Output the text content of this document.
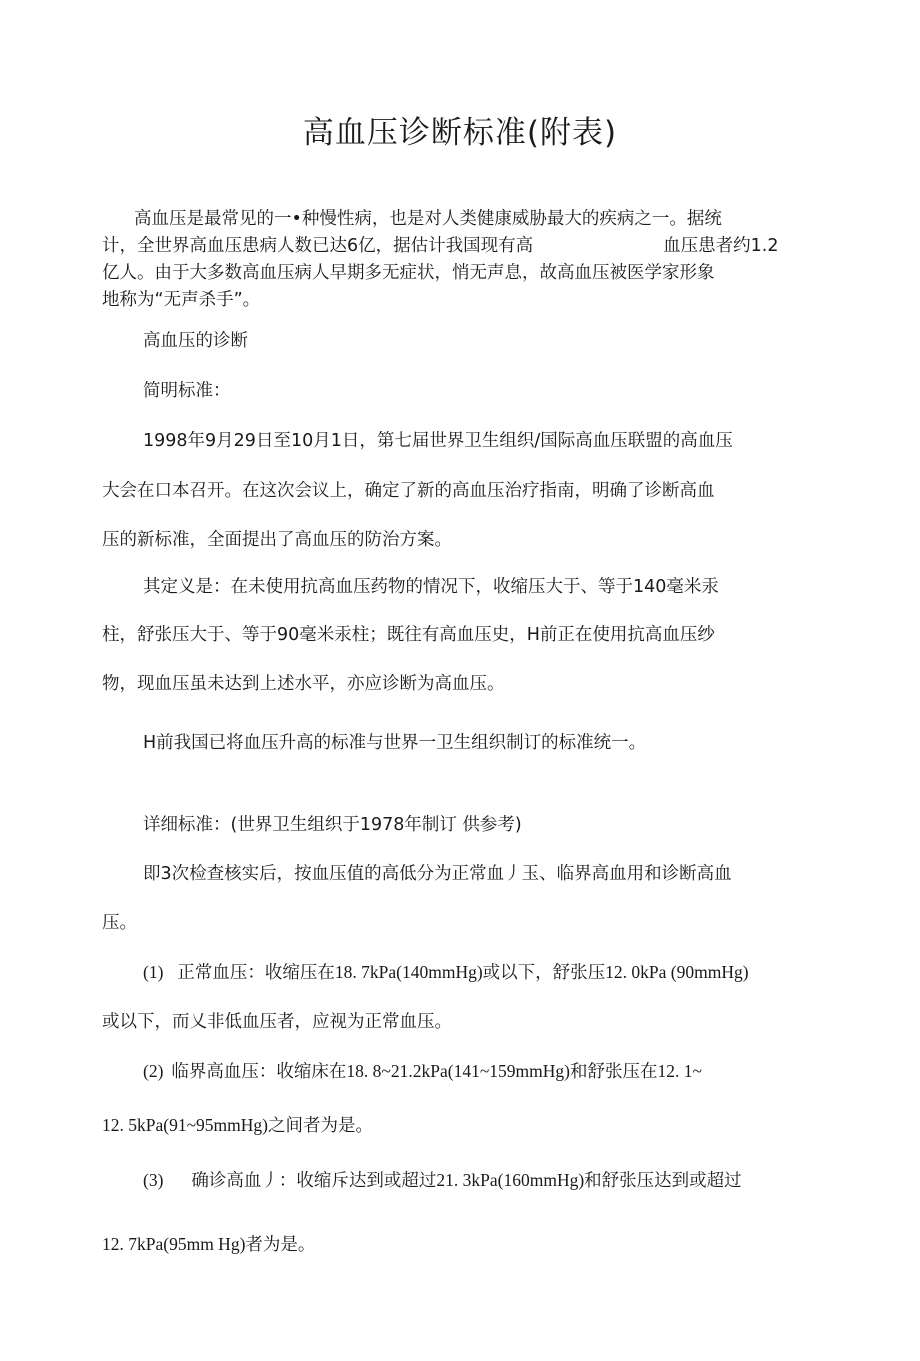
高血压诊断标准(附表)
高血压是最常见的一•种慢性病，也是对人类健康威胁最大的疾病之一。据统
计，全世界高血压患病人数已达6亿，据估计我国现有高	血压患者约1.2
亿人。由于大多数高血压病人早期多无症状，悄无声息，故高血压被医学家形象
地称为“无声杀手”。
高血压的诊断
简明标准：
1998年9月29日至10月1日，第七届世界卫生组织/国际高血压联盟的高血压
大会在口本召开。在这次会议上，确定了新的高血压治疗指南，明确了诊断高血
压的新标准，全面提出了高血压的防治方案。
其定义是：在未使用抗高血压药物的情况下，收缩压大于、等于140毫米汞
柱，舒张压大于、等于90毫米汞柱；既往有高血压史，H前正在使用抗高血压纱
物，现血压虽未达到上述水平，亦应诊断为高血压。
H前我国已将血压升高的标准与世界一卫生组织制订的标准统一。
详细标准：(世界卫生组织于1978年制订 供参考)
即3次检查核实后，按血压值的高低分为正常血丿玉、临界高血用和诊断高血
压。
(1) 正常血压：收缩压在18. 7kPa(140mmHg)或以下，舒张压12. 0kPa (90mmHg)
或以下，而乂非低血压者，应视为正常血压。
(2) 临界高血压：收缩床在18. 8~21.2kPa(141~159mmHg)和舒张压在12. 1~
12. 5kPa(91~95mmHg)之间者为是。
(3) 确诊高血丿：收缩斥达到或超过21. 3kPa(160mmHg)和舒张压达到或超过
12. 7kPa(95mm Hg)者为是。
